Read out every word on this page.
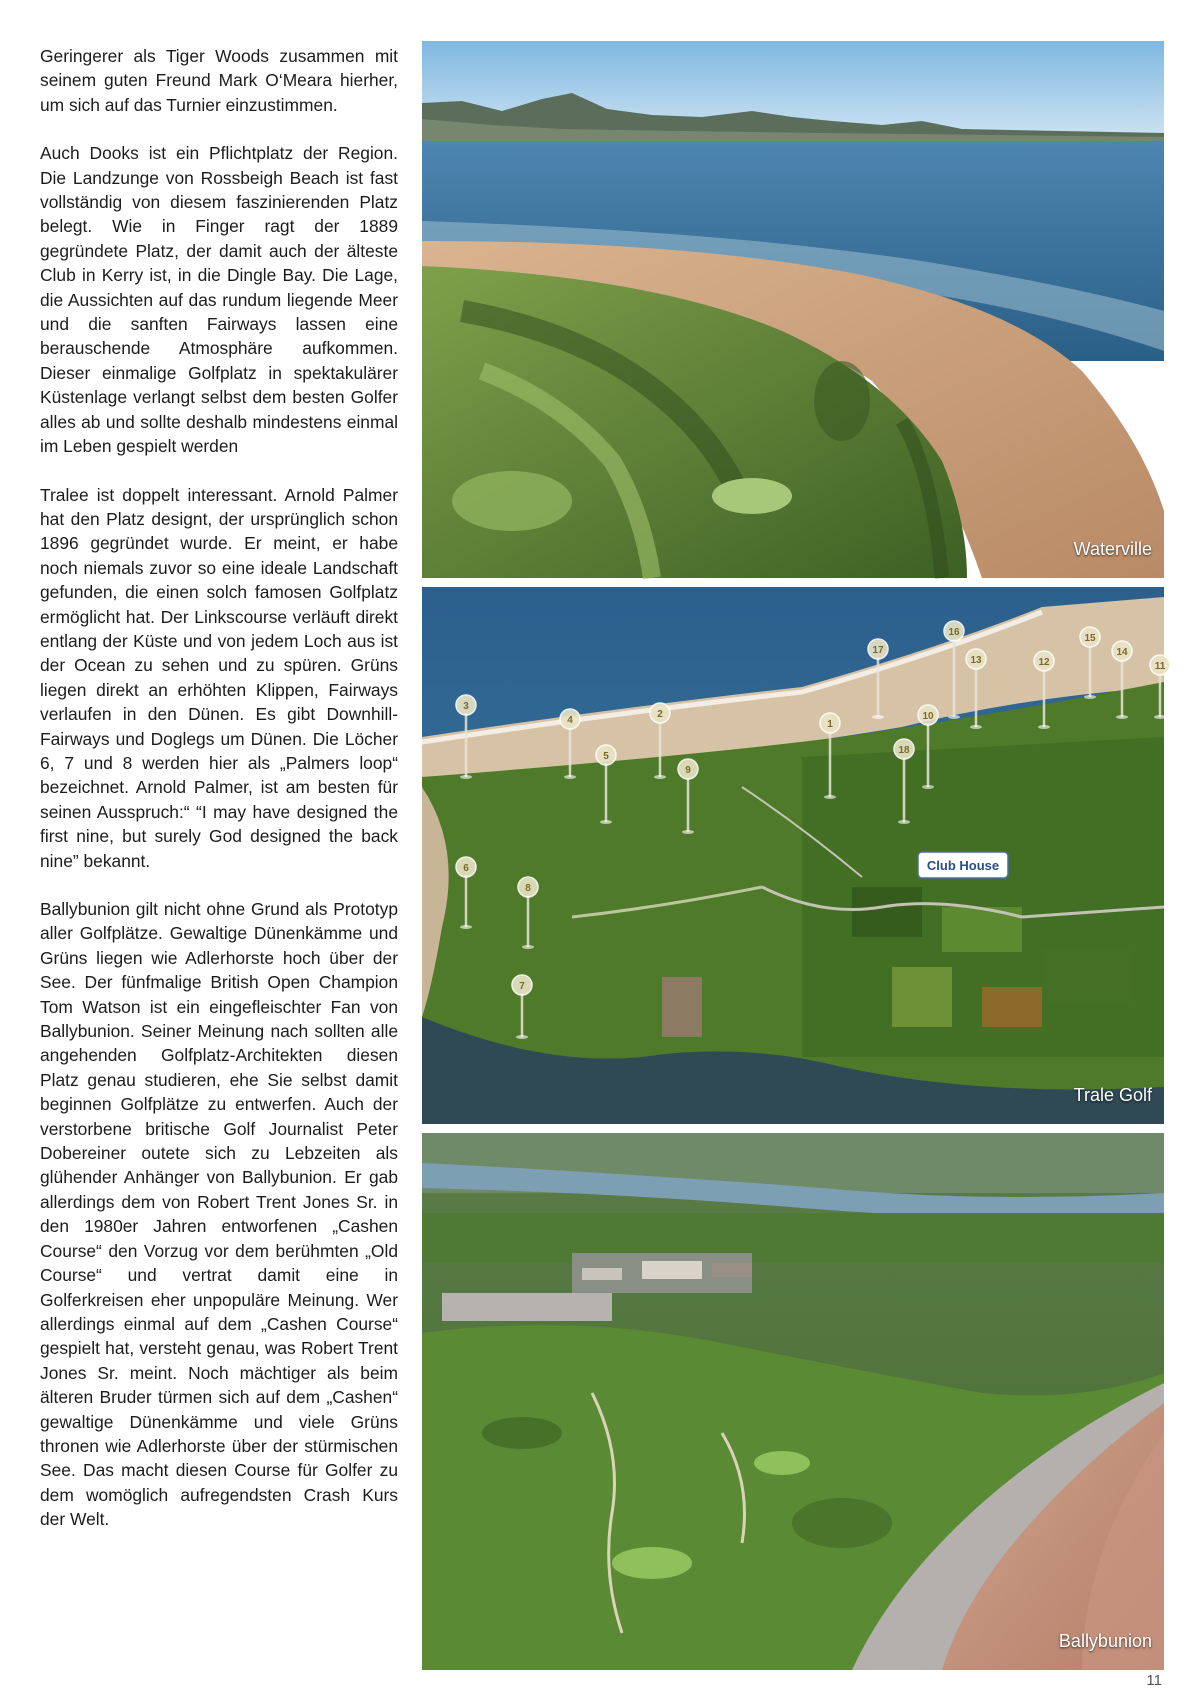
Geringerer als Tiger Woods zusammen mit seinem guten Freund Mark O‘Meara hierher, um sich auf das Turnier einzustimmen.

Auch Dooks ist ein Pflichtplatz der Region. Die Landzunge von Rossbeigh Beach ist fast vollständig von diesem faszinierenden Platz belegt. Wie in Finger ragt der 1889 gegründete Platz, der damit auch der älteste Club in Kerry ist, in die Dingle Bay. Die Lage, die Aussichten auf das rundum liegende Meer und die sanften Fairways lassen eine berauschende Atmosphäre aufkommen. Dieser einmalige Golfplatz in spektakulärer Küstenlage verlangt selbst dem besten Golfer alles ab und sollte deshalb mindestens einmal im Leben gespielt werden

Tralee ist doppelt interessant. Arnold Palmer hat den Platz designt, der ursprünglich schon 1896 gegründet wurde. Er meint, er habe noch niemals zuvor so eine ideale Landschaft gefunden, die einen solch famosen Golfplatz ermöglicht hat. Der Linkscourse verläuft direkt entlang der Küste und von jedem Loch aus ist der Ocean zu sehen und zu spüren. Grüns liegen direkt an erhöhten Klippen, Fairways verlaufen in den Dünen. Es gibt Downhill-Fairways und Doglegs um Dünen. Die Löcher 6, 7 und 8 werden hier als „Palmers loop“ bezeichnet. Arnold Palmer, ist am besten für seinen Ausspruch:“ “I may have designed the first nine, but surely God designed the back nine” bekannt.

Ballybunion gilt nicht ohne Grund als Prototyp aller Golfplätze. Gewaltige Dünenkämme und Grüns liegen wie Adlerhorste hoch über der See. Der fünfmalige British Open Champion Tom Watson ist ein eingefleischter Fan von Ballybunion. Seiner Meinung nach sollten alle angehenden Golfplatz-Architekten diesen Platz genau studieren, ehe Sie selbst damit beginnen Golfplätze zu entwerfen. Auch der verstorbene britische Golf Journalist Peter Dobereiner outete sich zu Lebzeiten als glühender Anhänger von Ballybunion. Er gab allerdings dem von Robert Trent Jones Sr. in den 1980er Jahren entworfenen „Cashen Course“ den Vorzug vor dem berühmten „Old Course“ und vertrat damit eine in Golferkreisen eher unpopuläre Meinung. Wer allerdings einmal auf dem „Cashen Course“ gespielt hat, versteht genau, was Robert Trent Jones Sr. meint. Noch mächtiger als beim älteren Bruder türmen sich auf dem „Cashen“ gewaltige Dünenkämme und viele Grüns thronen wie Adlerhorste über der stürmischen See. Das macht diesen Course für Golfer zu dem womöglich aufregendsten Crash Kurs der Welt.

Waterville
Club House
3
4
2
5
9
17
1
16
13
10
18
12
15
14
11
6
8
7
Trale Golf
Ballybunion
11
